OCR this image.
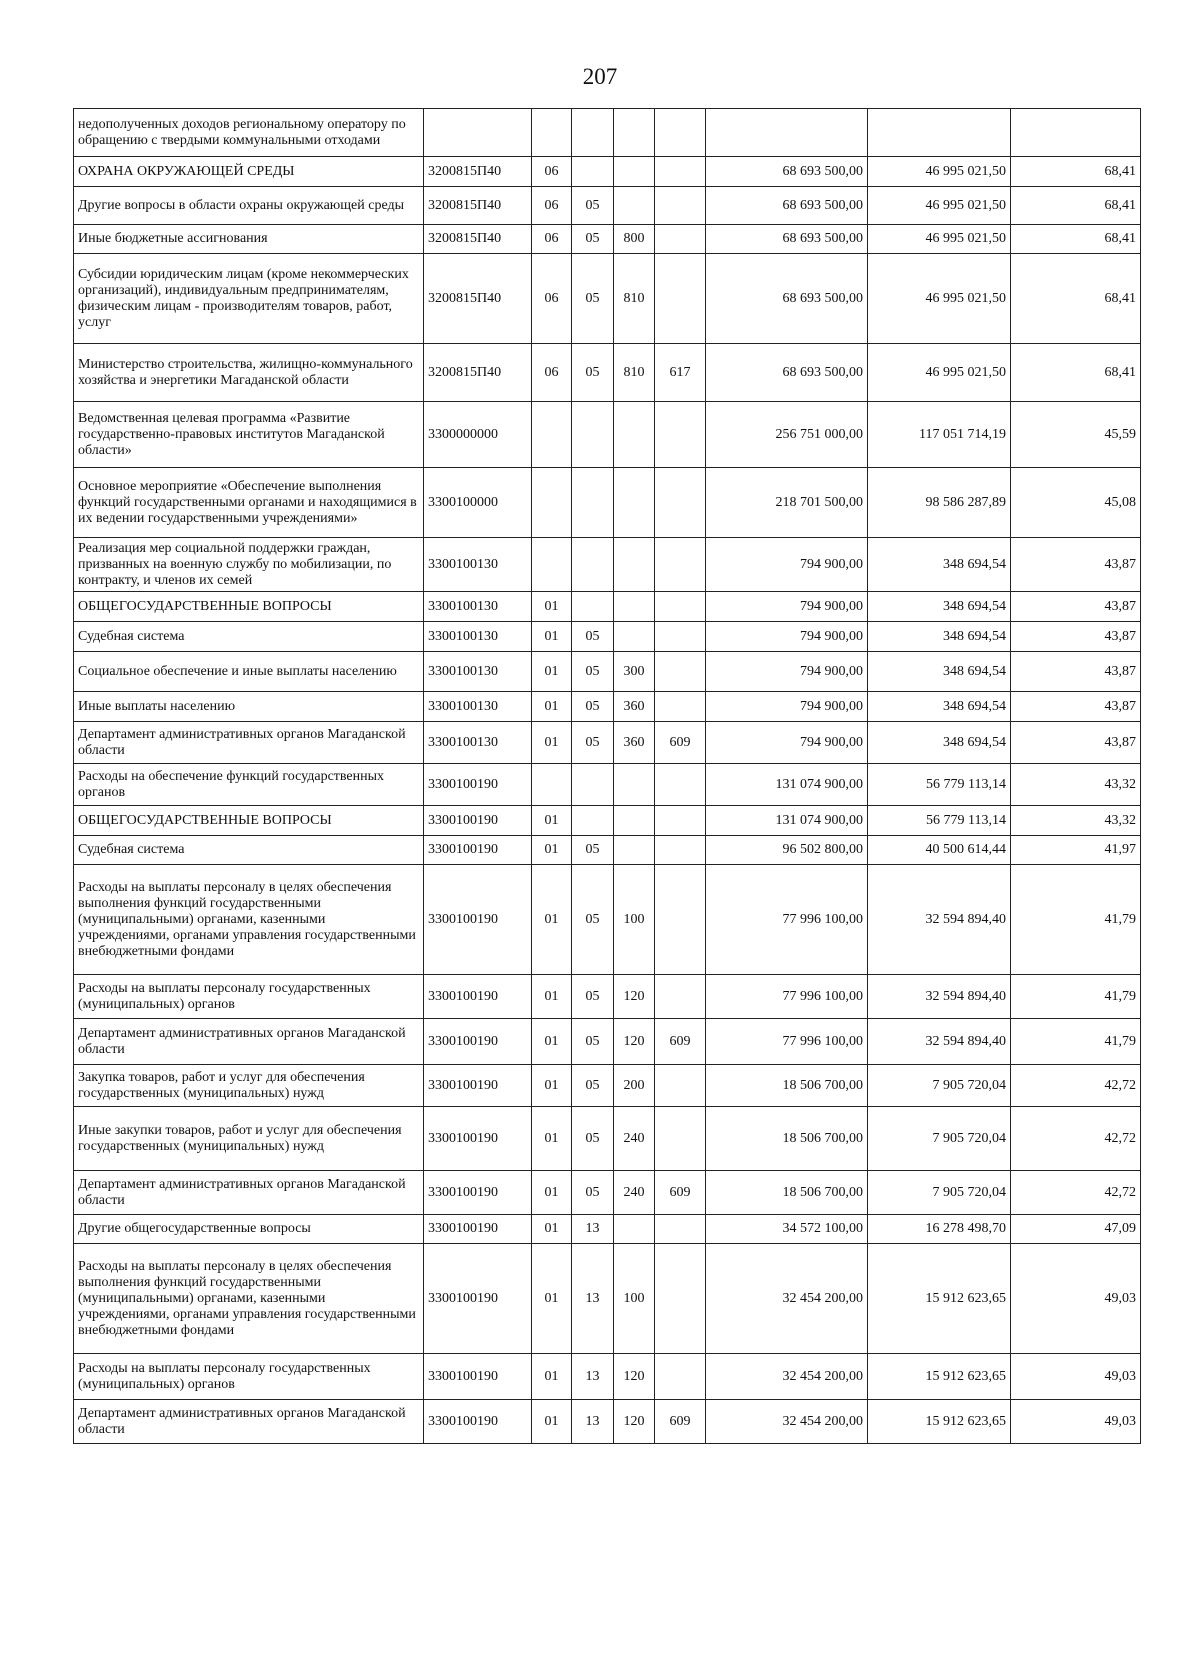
207
недополученных доходов региональному оператору по обращению с твердыми коммунальными отходами								
ОХРАНА ОКРУЖАЮЩЕЙ СРЕДЫ	3200815П40	06				68 693 500,00	46 995 021,50	68,41
Другие вопросы в области охраны окружающей среды	3200815П40	06	05			68 693 500,00	46 995 021,50	68,41
Иные бюджетные ассигнования	3200815П40	06	05	800		68 693 500,00	46 995 021,50	68,41
Субсидии юридическим лицам (кроме некоммерческих организаций), индивидуальным предпринимателям, физическим лицам - производителям товаров, работ, услуг	3200815П40	06	05	810		68 693 500,00	46 995 021,50	68,41
Министерство строительства, жилищно-коммунального хозяйства и энергетики Магаданской области	3200815П40	06	05	810	617	68 693 500,00	46 995 021,50	68,41
Ведомственная целевая программа «Развитие государственно-правовых институтов Магаданской области»	3300000000					256 751 000,00	117 051 714,19	45,59
Основное мероприятие «Обеспечение выполнения функций государственными органами и находящимися в их ведении государственными учреждениями»	3300100000					218 701 500,00	98 586 287,89	45,08
Реализация мер социальной поддержки граждан, призванных на военную службу по мобилизации, по контракту, и членов их семей	3300100130					794 900,00	348 694,54	43,87
ОБЩЕГОСУДАРСТВЕННЫЕ ВОПРОСЫ	3300100130	01				794 900,00	348 694,54	43,87
Судебная система	3300100130	01	05			794 900,00	348 694,54	43,87
Социальное обеспечение и иные выплаты населению	3300100130	01	05	300		794 900,00	348 694,54	43,87
Иные выплаты населению	3300100130	01	05	360		794 900,00	348 694,54	43,87
Департамент административных органов Магаданской области	3300100130	01	05	360	609	794 900,00	348 694,54	43,87
Расходы на обеспечение функций государственных органов	3300100190					131 074 900,00	56 779 113,14	43,32
ОБЩЕГОСУДАРСТВЕННЫЕ ВОПРОСЫ	3300100190	01				131 074 900,00	56 779 113,14	43,32
Судебная система	3300100190	01	05			96 502 800,00	40 500 614,44	41,97
Расходы на выплаты персоналу в целях обеспечения выполнения функций государственными (муниципальными) органами, казенными учреждениями, органами управления государственными внебюджетными фондами	3300100190	01	05	100		77 996 100,00	32 594 894,40	41,79
Расходы на выплаты персоналу государственных (муниципальных) органов	3300100190	01	05	120		77 996 100,00	32 594 894,40	41,79
Департамент административных органов Магаданской области	3300100190	01	05	120	609	77 996 100,00	32 594 894,40	41,79
Закупка товаров, работ и услуг для обеспечения государственных (муниципальных) нужд	3300100190	01	05	200		18 506 700,00	7 905 720,04	42,72
Иные закупки товаров, работ и услуг для обеспечения государственных (муниципальных) нужд	3300100190	01	05	240		18 506 700,00	7 905 720,04	42,72
Департамент административных органов Магаданской области	3300100190	01	05	240	609	18 506 700,00	7 905 720,04	42,72
Другие общегосударственные вопросы	3300100190	01	13			34 572 100,00	16 278 498,70	47,09
Расходы на выплаты персоналу в целях обеспечения выполнения функций государственными (муниципальными) органами, казенными учреждениями, органами управления государственными внебюджетными фондами	3300100190	01	13	100		32 454 200,00	15 912 623,65	49,03
Расходы на выплаты персоналу государственных (муниципальных) органов	3300100190	01	13	120		32 454 200,00	15 912 623,65	49,03
Департамент административных органов Магаданской области	3300100190	01	13	120	609	32 454 200,00	15 912 623,65	49,03
